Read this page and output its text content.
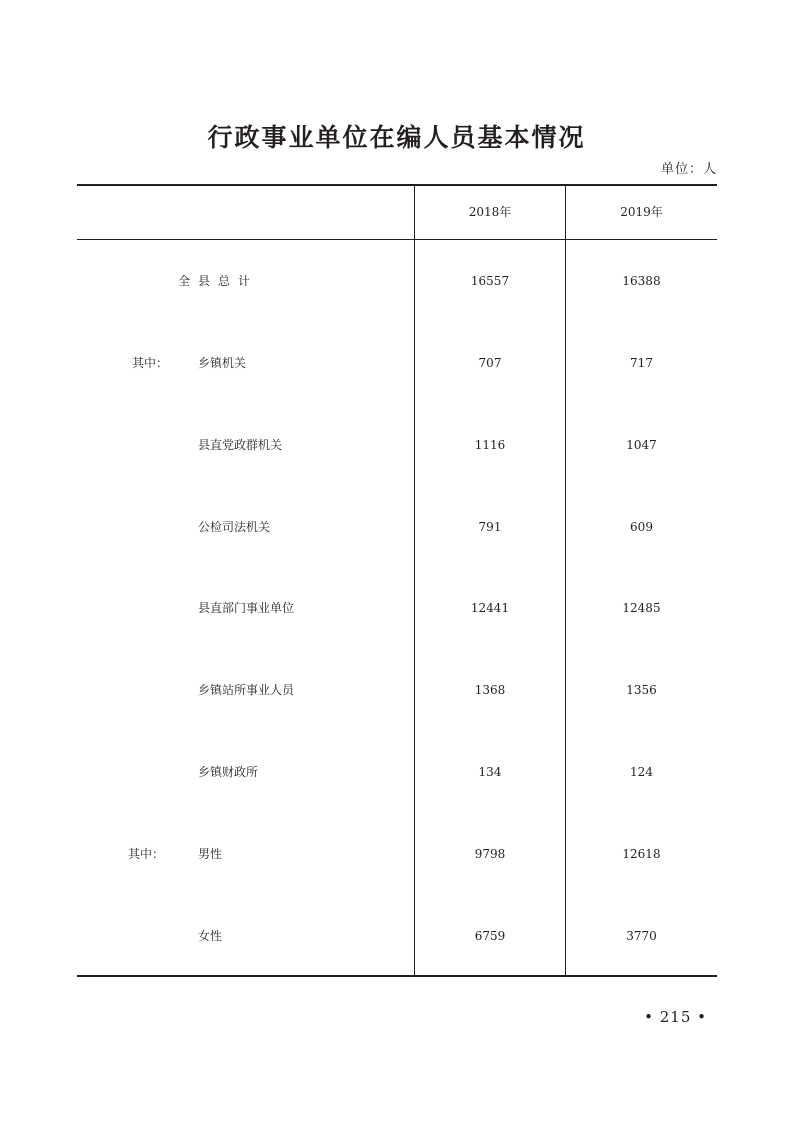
行政事业单位在编人员基本情况
单位：人
2018年	2019年
全县总计	16557	16388
其中： 乡镇机关	707	717
县直党政群机关	1116	1047
公检司法机关	791	609
县直部门事业单位	12441	12485
乡镇站所事业人员	1368	1356
乡镇财政所	134	124
其中：	男性	9798	12618
女性	6759	3770
• 215 •
